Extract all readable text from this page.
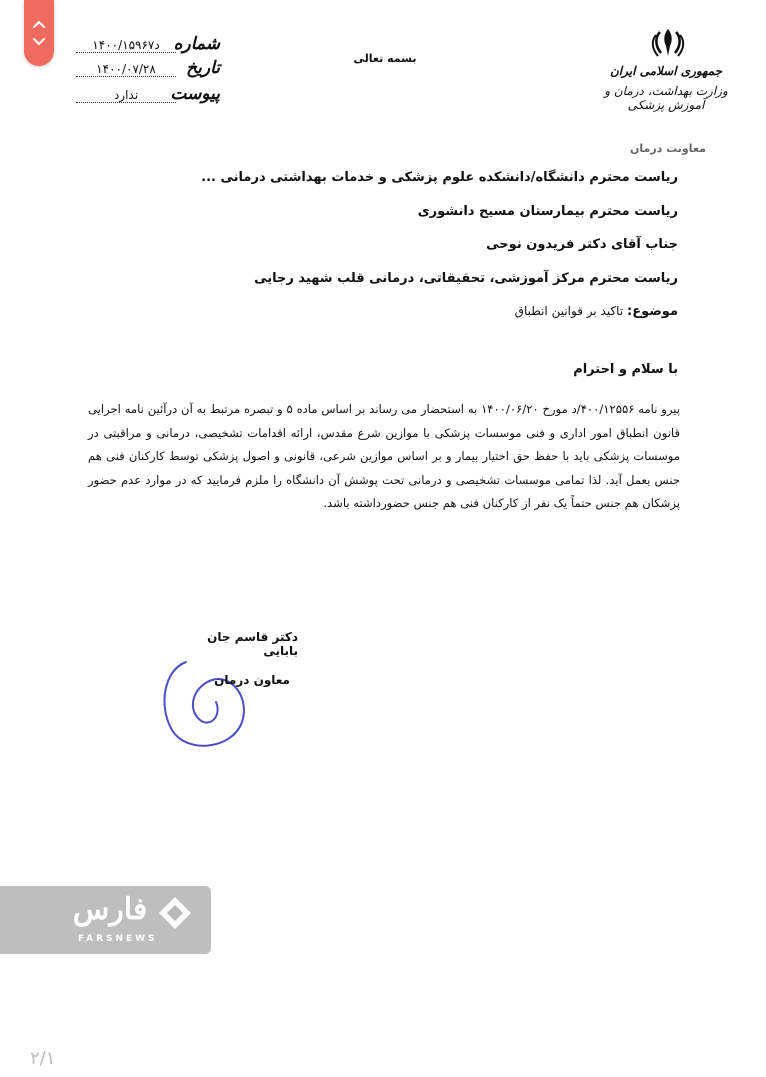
شماره
د۱۴۰۰/۱۵۹۶۷
تاریخ
۱۴۰۰/۰۷/۲۸
پیوست
ندارد
بسمه تعالی
جمهوری اسلامی ایران
وزارت بهداشت، درمان و آموزش پزشکی
معاونت درمان
ریاست محترم دانشگاه/دانشکده علوم پزشکی و خدمات بهداشتی درمانی ...
ریاست محترم بیمارستان مسیح دانشوری
جناب آقای دکتر فریدون نوحی
ریاست محترم مرکز آموزشی، تحقیقاتی، درمانی قلب شهید رجایی
موضوع: تاکید بر قوانین انطباق
با سلام و احترام
پیرو نامه ۴۰۰/۱۲۵۵۶/د مورخ ۱۴۰۰/۰۶/۲۰ به استحضار می رساند بر اساس ماده ۵ و تبصره مرتبط به آن درآئین نامه اجرایی قانون انطباق امور اداری و فنی موسسات پزشکی با موازین شرع مقدس، ارائه اقدامات تشخیصی، درمانی و مراقبتی در موسسات پزشکی باید با حفظ حق اختیار بیمار و بر اساس موازین شرعی، قانونی و اصول پزشکی توسط کارکنان فنی هم جنس بعمل آید. لذا تمامی موسسات تشخیصی و درمانی تحت پوشش آن دانشگاه را ملزم فرمایید که در موارد عدم حضور پزشکان هم جنس حتماً یک نفر از کارکنان فنی هم جنس حضورداشته باشد.
دکتر قاسم جان بابایی
معاون درمان
فارس
FARSNEWS
۲/۱
